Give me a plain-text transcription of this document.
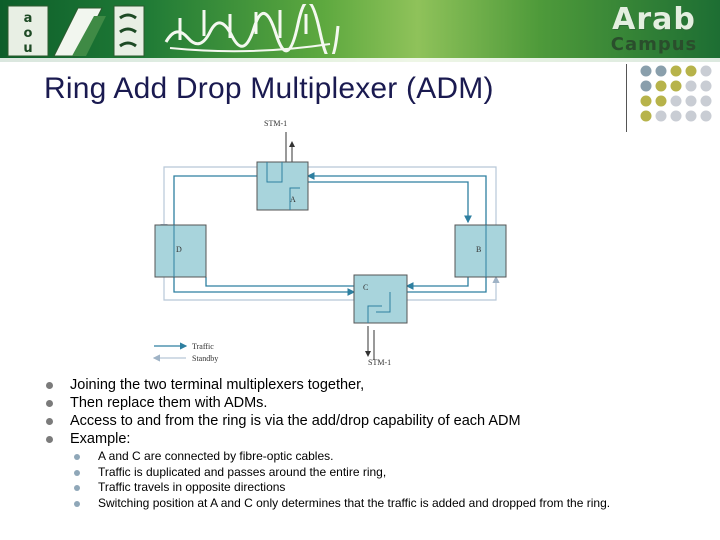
a
o
u
Arab
Campus
Ring Add Drop Multiplexer (ADM)
STM-1
A
D	B
C
STM-1
Traffic
Standby
Joining the two terminal multiplexers together,
Then replace them with ADMs.
Access to and from the ring is via the add/drop capability of each ADM
Example:
A and C are connected by fibre-optic cables.
Traffic is duplicated and passes around the entire ring,
Traffic travels in opposite directions
Switching position at A and C only determines that the traffic is added and dropped from the ring.
